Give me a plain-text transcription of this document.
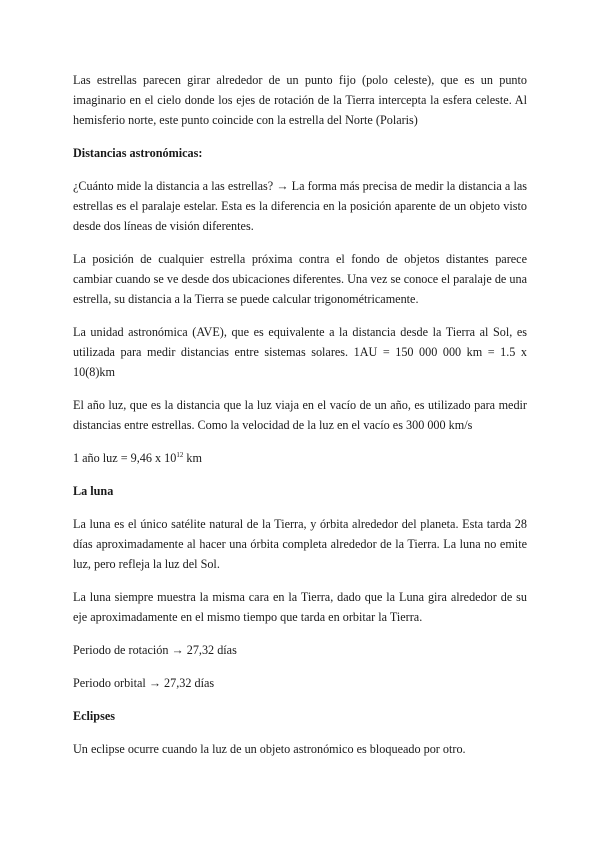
Las estrellas parecen girar alrededor de un punto fijo (polo celeste), que es un punto imaginario en el cielo donde los ejes de rotación de la Tierra intercepta la esfera celeste. Al hemisferio norte, este punto coincide con la estrella del Norte (Polaris)

Distancias astronómicas:

¿Cuánto mide la distancia a las estrellas? → La forma más precisa de medir la distancia a las estrellas es el paralaje estelar. Esta es la diferencia en la posición aparente de un objeto visto desde dos líneas de visión diferentes.

La posición de cualquier estrella próxima contra el fondo de objetos distantes parece cambiar cuando se ve desde dos ubicaciones diferentes. Una vez se conoce el paralaje de una estrella, su distancia a la Tierra se puede calcular trigonométricamente.

La unidad astronómica (AVE), que es equivalente a la distancia desde la Tierra al Sol, es utilizada para medir distancias entre sistemas solares. 1AU = 150 000 000 km = 1.5 x 10(8)km

El año luz, que es la distancia que la luz viaja en el vacío de un año, es utilizado para medir distancias entre estrellas. Como la velocidad de la luz en el vacío es 300 000 km/s

1 año luz = 9,46 x $10^{12}$ km

La luna

La luna es el único satélite natural de la Tierra, y órbita alrededor del planeta. Esta tarda 28 días aproximadamente al hacer una órbita completa alrededor de la Tierra. La luna no emite luz, pero refleja la luz del Sol.

La luna siempre muestra la misma cara en la Tierra, dado que la Luna gira alrededor de su eje aproximadamente en el mismo tiempo que tarda en orbitar la Tierra.

Periodo de rotación → 27,32 días

Periodo orbital → 27,32 días

Eclipses

Un eclipse ocurre cuando la luz de un objeto astronómico es bloqueado por otro.
